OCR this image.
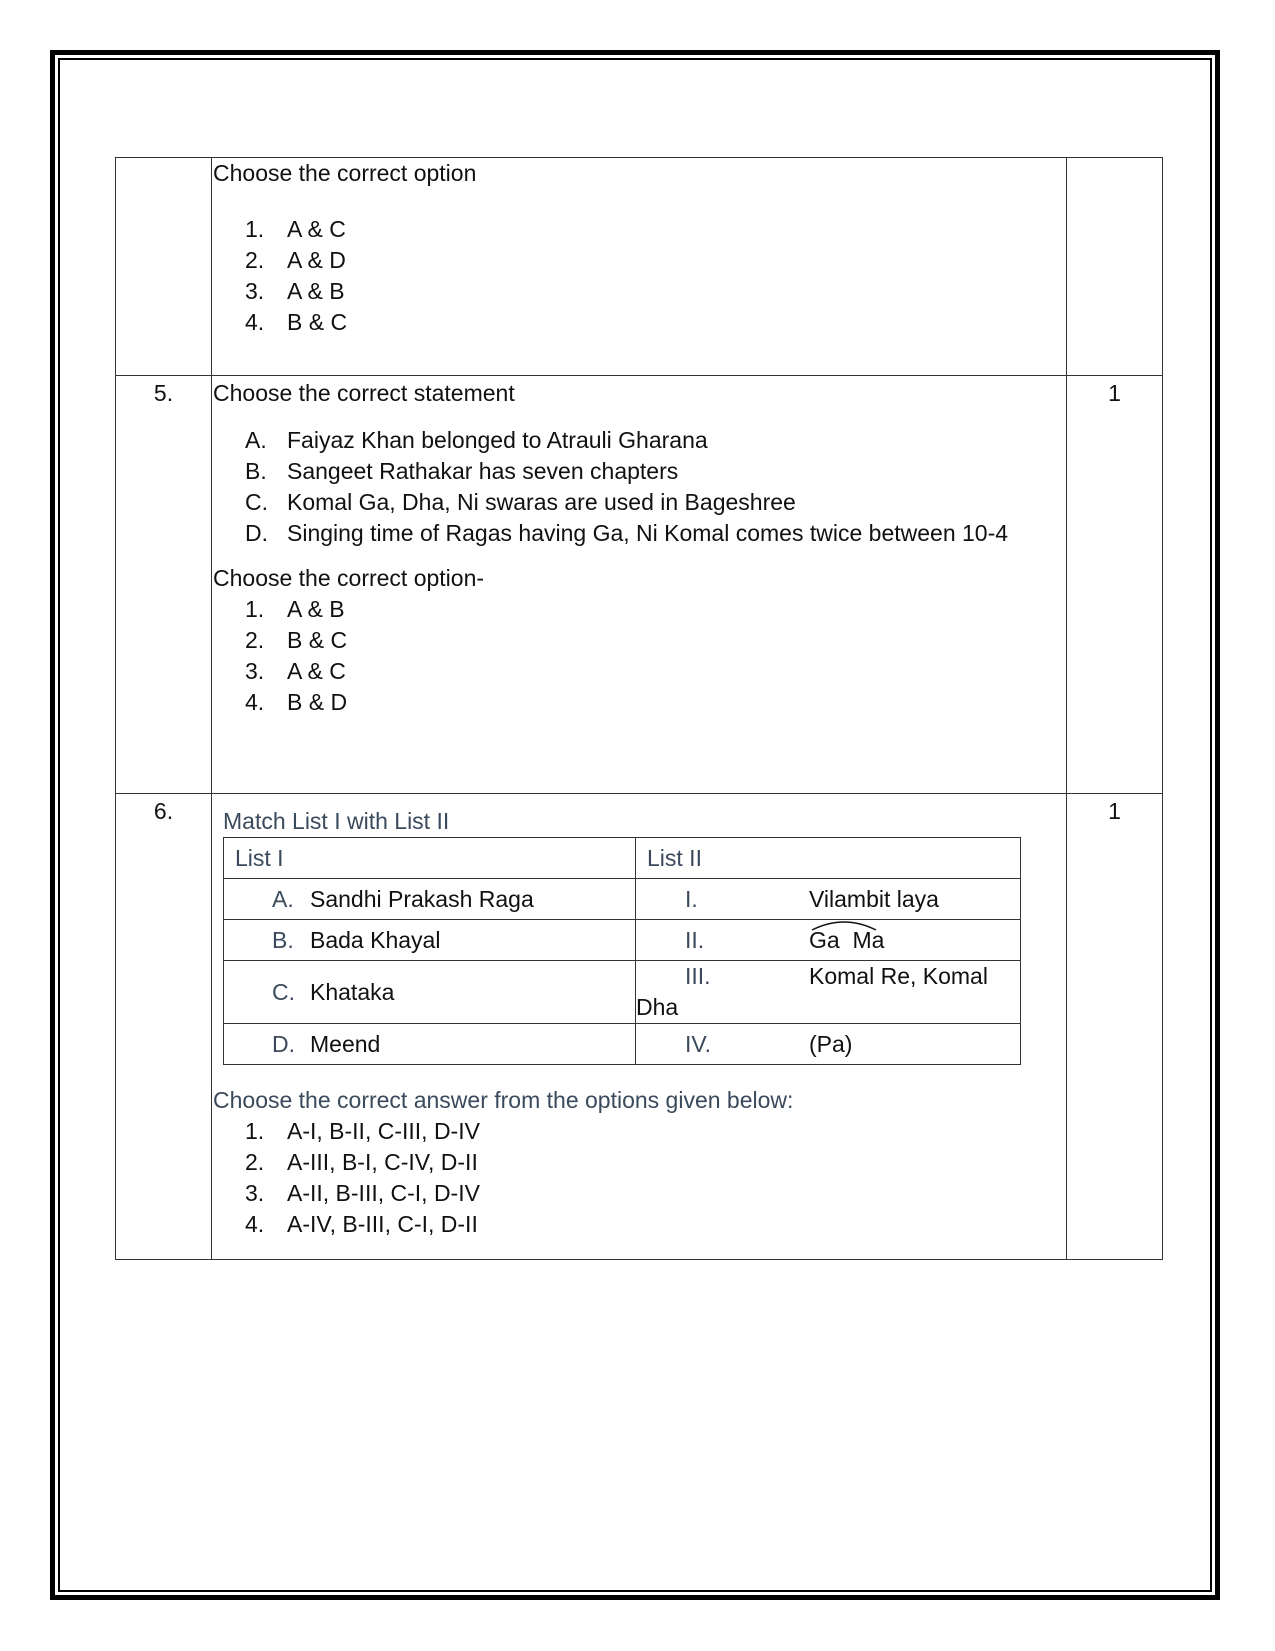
Choose the correct option
1. A & C
2. A & D
3. A & B
4. B & C

5.	Choose the correct statement
A. Faiyaz Khan belonged to Atrauli Gharana
B. Sangeet Rathakar has seven chapters
C. Komal Ga, Dha, Ni swaras are used in Bageshree
D. Singing time of Ragas having Ga, Ni Komal comes twice between 10-4
Choose the correct option-
1. A & B
2. B & C
3. A & C
4. B & D
	1
6.	Match List I with List II
List I	List II
A. Sandhi Prakash Raga	I.	Vilambit laya
B. Bada Khayal	II.	Ga  Ma
C. Khataka	III.	Komal Re, Komal Dha
D. Meend	IV.	(Pa)
Choose the correct answer from the options given below:
1. A-I, B-II, C-III, D-IV
2. A-III, B-I, C-IV, D-II
3. A-II, B-III, C-I, D-IV
4. A-IV, B-III, C-I, D-II
	1
